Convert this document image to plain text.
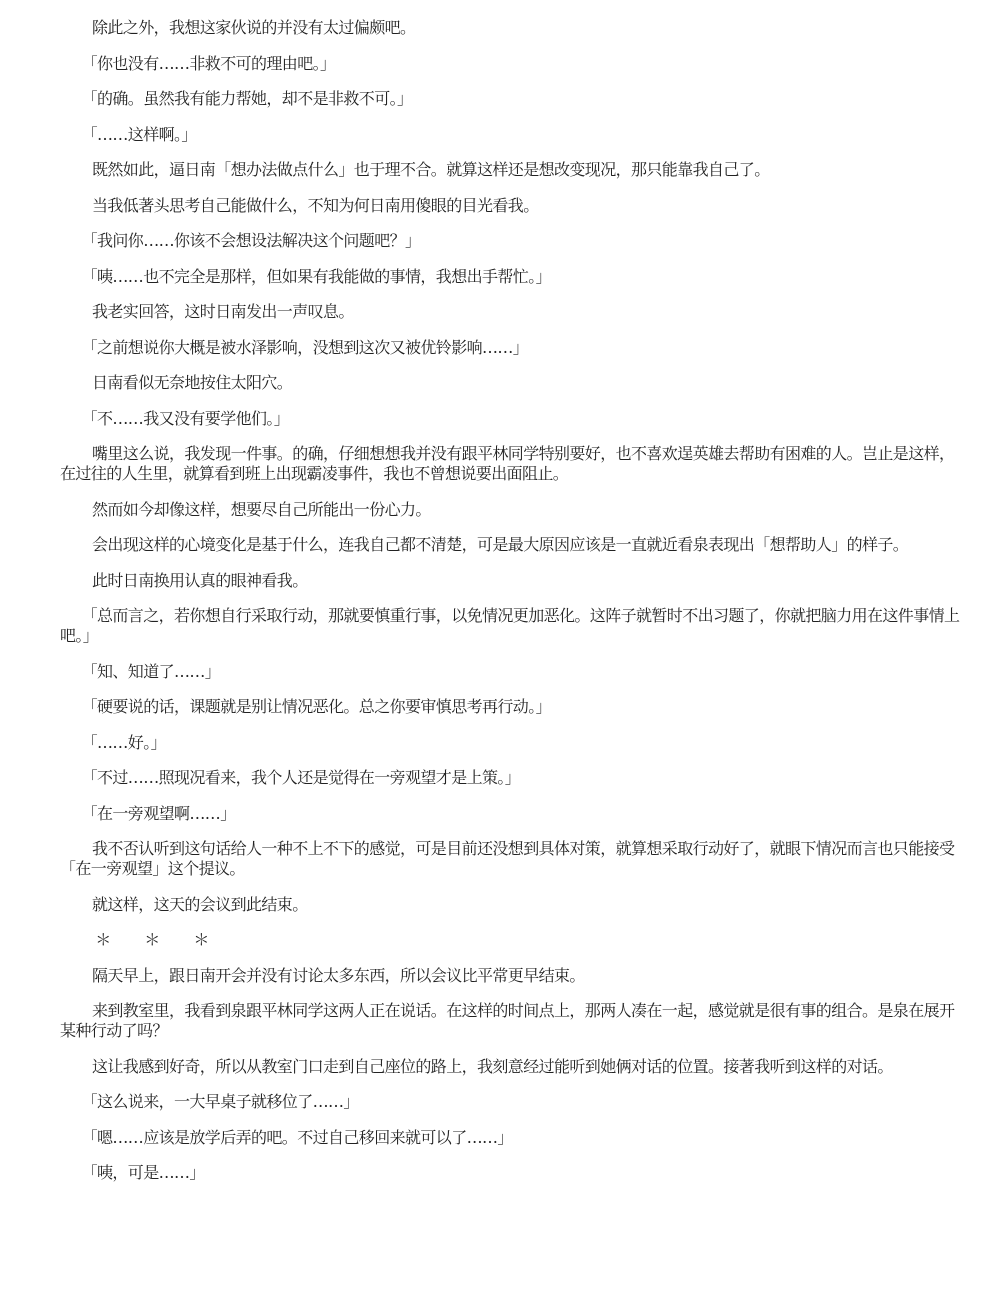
除此之外，我想这家伙说的并没有太过偏颇吧。

「你也没有……非救不可的理由吧。」

「的确。虽然我有能力帮她，却不是非救不可。」

「……这样啊。」

既然如此，逼日南「想办法做点什么」也于理不合。就算这样还是想改变现况，那只能靠我自己了。

当我低著头思考自己能做什么，不知为何日南用傻眼的目光看我。

「我问你……你该不会想设法解决这个问题吧？」

「咦……也不完全是那样，但如果有我能做的事情，我想出手帮忙。」

我老实回答，这时日南发出一声叹息。

「之前想说你大概是被水泽影响，没想到这次又被优铃影响……」

日南看似无奈地按住太阳穴。

「不……我又没有要学他们。」

嘴里这么说，我发现一件事。的确，仔细想想我并没有跟平林同学特别要好，也不喜欢逞英雄去帮助有困难的人。岂止是这样，在过往的人生里，就算看到班上出现霸凌事件，我也不曾想说要出面阻止。

然而如今却像这样，想要尽自己所能出一份心力。

会出现这样的心境变化是基于什么，连我自己都不清楚，可是最大原因应该是一直就近看泉表现出「想帮助人」的样子。

此时日南换用认真的眼神看我。

「总而言之，若你想自行采取行动，那就要慎重行事，以免情况更加恶化。这阵子就暂时不出习题了，你就把脑力用在这件事情上吧。」

「知、知道了……」

「硬要说的话，课题就是别让情况恶化。总之你要审慎思考再行动。」

「……好。」

「不过……照现况看来，我个人还是觉得在一旁观望才是上策。」

「在一旁观望啊……」

我不否认听到这句话给人一种不上不下的感觉，可是目前还没想到具体对策，就算想采取行动好了，就眼下情况而言也只能接受「在一旁观望」这个提议。

就这样，这天的会议到此结束。

＊ ＊ ＊

隔天早上，跟日南开会并没有讨论太多东西，所以会议比平常更早结束。

来到教室里，我看到泉跟平林同学这两人正在说话。在这样的时间点上，那两人凑在一起，感觉就是很有事的组合。是泉在展开某种行动了吗？

这让我感到好奇，所以从教室门口走到自己座位的路上，我刻意经过能听到她俩对话的位置。接著我听到这样的对话。

「这么说来，一大早桌子就移位了……」

「嗯……应该是放学后弄的吧。不过自己移回来就可以了……」

「咦，可是……」
